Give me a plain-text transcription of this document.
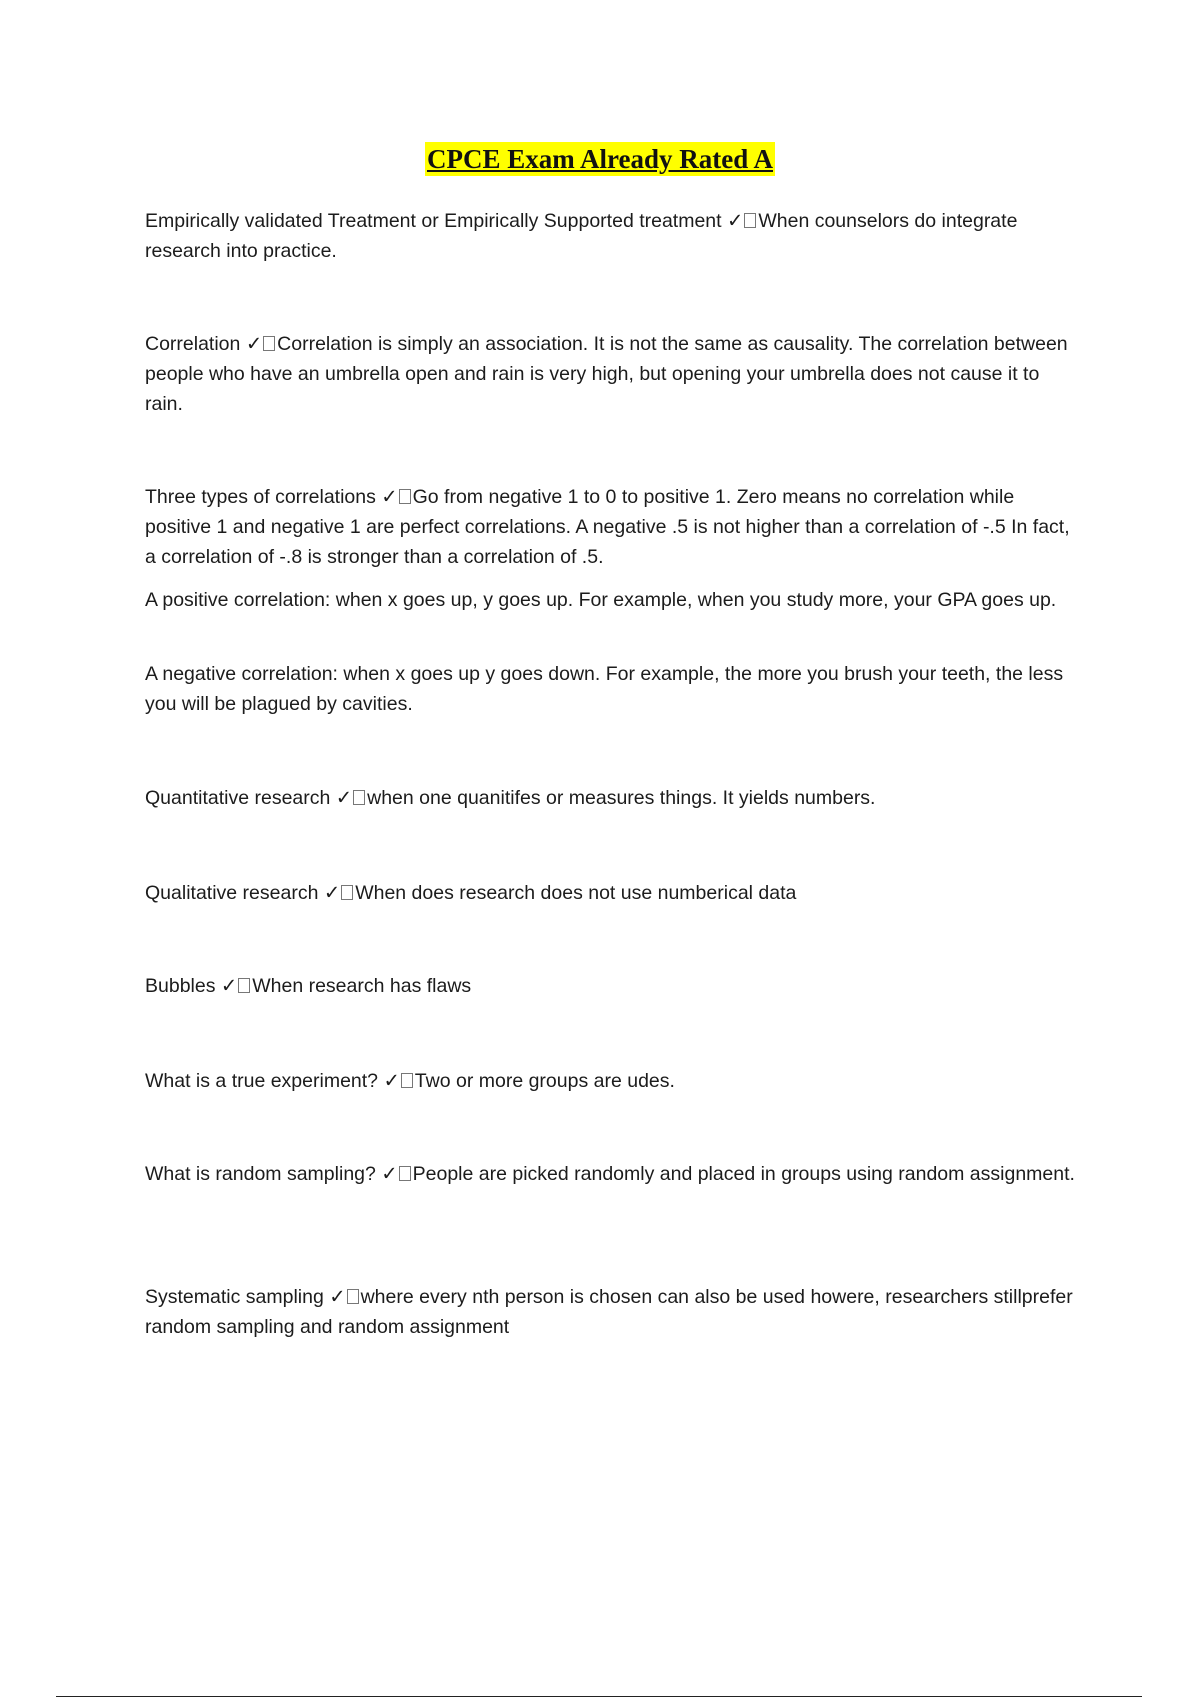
CPCE Exam Already Rated A

Empirically validated Treatment or Empirically Supported treatment ✓ When counselors do integrate research into practice.

Correlation ✓ Correlation is simply an association. It is not the same as causality. The correlation between people who have an umbrella open and rain is very high, but opening your umbrella does not cause it to rain.

Three types of correlations ✓ Go from negative 1 to 0 to positive 1. Zero means no correlation while positive 1 and negative 1 are perfect correlations. A negative .5 is not higher than a correlation of -.5 In fact, a correlation of -.8 is stronger than a correlation of .5.

A positive correlation: when x goes up, y goes up. For example, when you study more, your GPA goes up.

A negative correlation: when x goes up y goes down. For example, the more you brush your teeth, the less you will be plagued by cavities.

Quantitative research ✓ when one quanitifes or measures things. It yields numbers.

Qualitative research ✓ When does research does not use numberical data

Bubbles ✓ When research has flaws

What is a true experiment? ✓ Two or more groups are udes.

What is random sampling? ✓ People are picked randomly and placed in groups using random assignment.

Systematic sampling ✓ where every nth person is chosen can also be used howere, researchers stillprefer random sampling and random assignment
